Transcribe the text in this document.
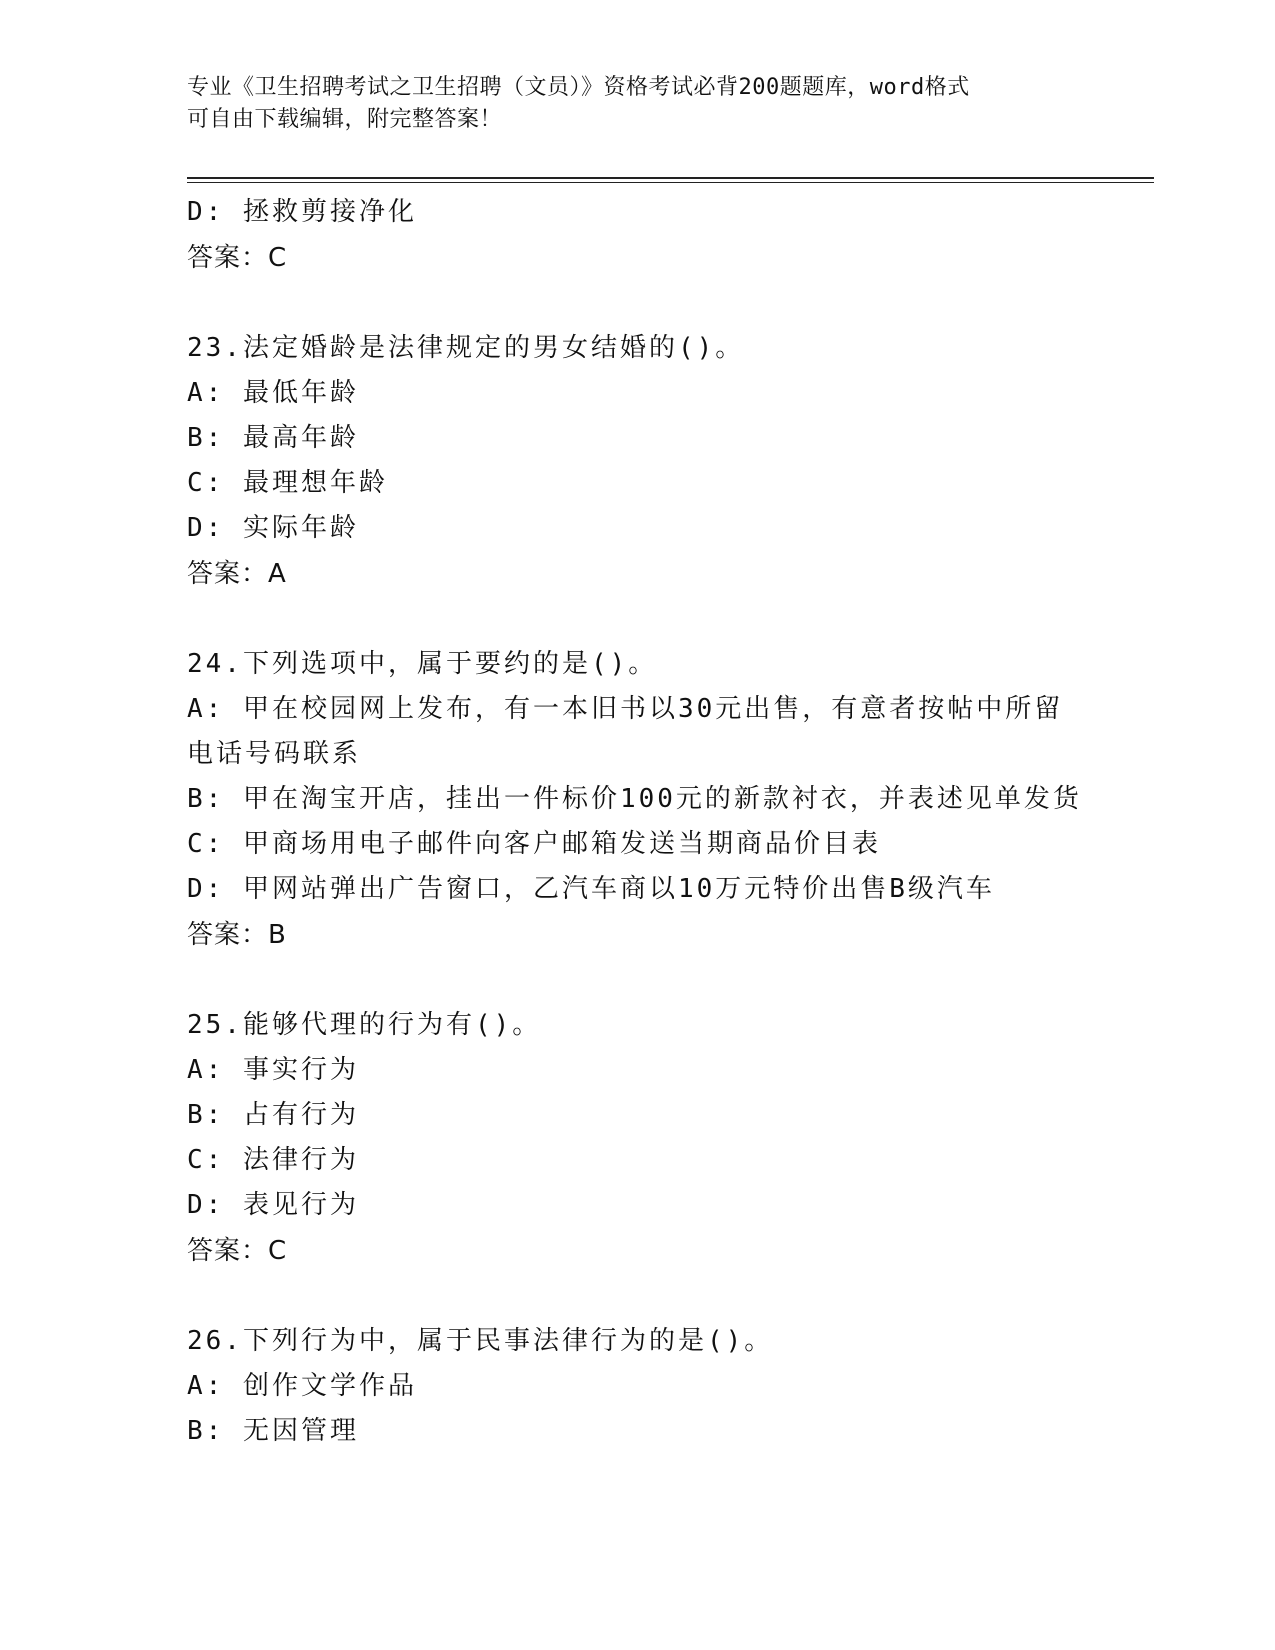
专业《卫生招聘考试之卫生招聘（文员）》资格考试必背200题题库，word格式
可自由下载编辑，附完整答案！
D: 拯救剪接净化
答案：C
23.法定婚龄是法律规定的男女结婚的()。
A: 最低年龄
B: 最高年龄
C: 最理想年龄
D: 实际年龄
答案：A
24.下列选项中，属于要约的是()。
A: 甲在校园网上发布，有一本旧书以30元出售，有意者按帖中所留
电话号码联系
B: 甲在淘宝开店，挂出一件标价100元的新款衬衣，并表述见单发货
C: 甲商场用电子邮件向客户邮箱发送当期商品价目表
D: 甲网站弹出广告窗口，乙汽车商以10万元特价出售B级汽车
答案：B
25.能够代理的行为有()。
A: 事实行为
B: 占有行为
C: 法律行为
D: 表见行为
答案：C
26.下列行为中，属于民事法律行为的是()。
A: 创作文学作品
B: 无因管理
